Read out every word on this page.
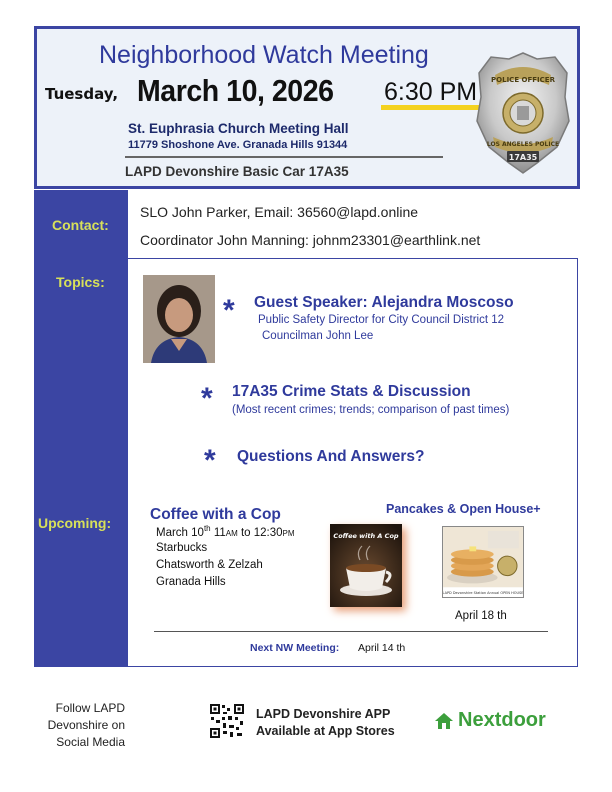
Neighborhood Watch Meeting
Tuesday, March 10, 2026 6:30 PM
St. Euphrasia Church Meeting Hall
11779 Shoshone Ave. Granada Hills 91344
LAPD Devonshire Basic Car 17A35
POLICE OFFICER
LOS ANGELES POLICE
17A35
Contact:
Topics:
Upcoming:
SLO John Parker, Email: 36560@lapd.online
Coordinator John Manning: johnm23301@earthlink.net
* Guest Speaker: Alejandra Moscoso
Public Safety Director for City Council District 12
Councilman John Lee
* 17A35 Crime Stats & Discussion
(Most recent crimes; trends; comparison of past times)
* Questions And Answers?
Coffee with a Cop
March 10th 11AM to 12:30PM
Starbucks
Chatsworth & Zelzah
Granada Hills
Coffee with A Cop
Pancakes & Open House+
LAPD Devonshire Station Annual OPEN HOUSE
April 18 th
Next NW Meeting: April 14 th
Follow LAPD
Devonshire on
Social Media
LAPD Devonshire APP
Available at App Stores	Nextdoor
